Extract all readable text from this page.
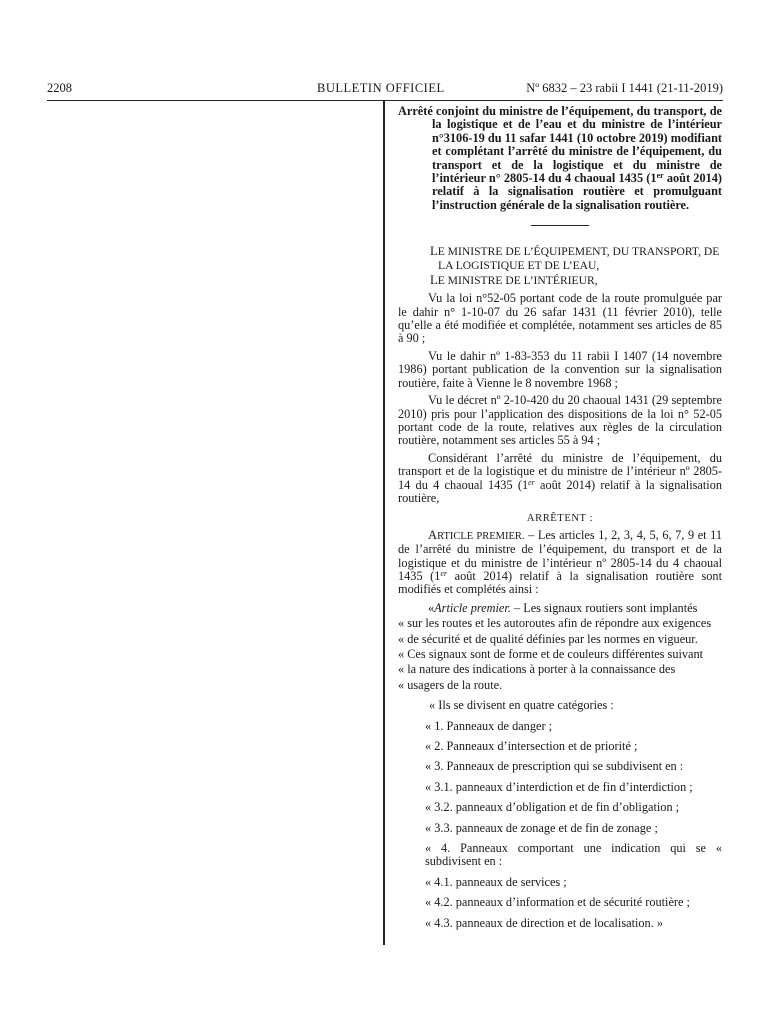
2208	BULLETIN OFFICIEL	Nº 6832 – 23 rabii I 1441 (21-11-2019)

Arrêté conjoint du ministre de l’équipement, du transport, de la logistique et de l’eau et du ministre de l’intérieur n°3106-19 du 11 safar 1441 (10 octobre 2019) modifiant et complétant l’arrêté du ministre de l’équipement, du transport et de la logistique et du ministre de l’intérieur n° 2805-14 du 4 chaoual 1435 (1er août 2014) relatif à la signalisation routière et promulguant l’instruction générale de la signalisation routière.

LE MINISTRE DE L’ÉQUIPEMENT, DU TRANSPORT, DE LA LOGISTIQUE ET DE L’EAU,

LE MINISTRE DE L’INTÉRIEUR,

Vu la loi n°52-05 portant code de la route promulguée par le dahir n° 1-10-07 du 26 safar 1431 (11 février 2010), telle qu’elle a été modifiée et complétée, notamment ses articles de 85 à 90 ;

Vu le dahir nº 1-83-353 du 11 rabii I 1407 (14 novembre 1986) portant publication de la convention sur la signalisation routière, faite à Vienne le 8 novembre 1968 ;

Vu le décret nº 2-10-420 du 20 chaoual 1431 (29 septembre 2010) pris pour l’application des dispositions de la loi n° 52-05 portant code de la route, relatives aux règles de la circulation routière, notamment ses articles 55 à 94 ;

Considérant l’arrêté du ministre de l’équipement, du transport et de la logistique et du ministre de l’intérieur nº 2805-14 du 4 chaoual 1435 (1er août 2014) relatif à la signalisation routière,

ARRÊTENT :

ARTICLE PREMIER. – Les articles 1, 2, 3, 4, 5, 6, 7, 9 et 11 de l’arrêté du ministre de l’équipement, du transport et de la logistique et du ministre de l’intérieur nº 2805-14 du 4 chaoual 1435 (1er août 2014) relatif à la signalisation routière sont modifiés et complétés ainsi :

«Article premier. – Les signaux routiers sont implantés
« sur les routes et les autoroutes afin de répondre aux exigences
« de sécurité et de qualité définies par les normes en vigueur.
« Ces signaux sont de forme et de couleurs différentes suivant
« la nature des indications à porter à la connaissance des
« usagers de la route.
« Ils se divisent en quatre catégories :
« 1. Panneaux de danger ;
« 2. Panneaux d’intersection et de priorité ;
« 3. Panneaux de prescription qui se subdivisent en :
« 3.1. panneaux d’interdiction et de fin d’interdiction ;
« 3.2. panneaux d’obligation et de fin d’obligation ;
« 3.3. panneaux de zonage et de fin de zonage ;
« 4. Panneaux comportant une indication qui se « subdivisent en :
« 4.1. panneaux de services ;
« 4.2. panneaux d’information et de sécurité routière ;
« 4.3. panneaux de direction et de localisation. »
